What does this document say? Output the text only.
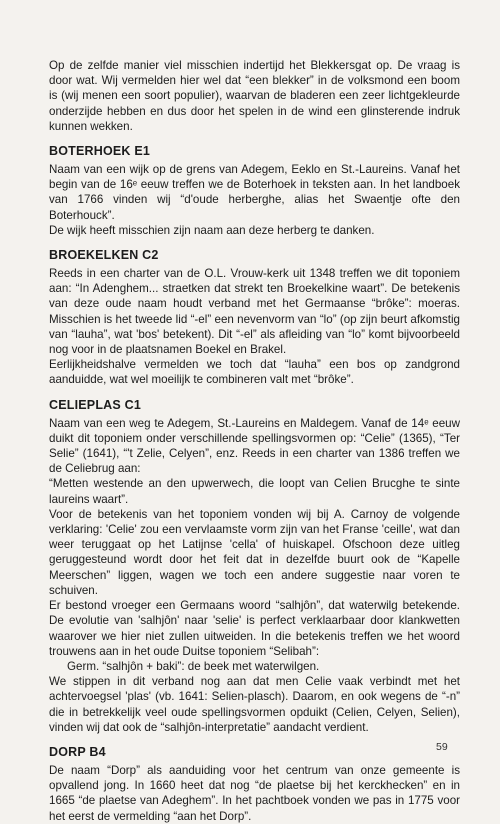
Op de zelfde manier viel misschien indertijd het Blekkersgat op. De vraag is door wat. Wij vermelden hier wel dat “een blekker” in de volksmond een boom is (wij menen een soort populier), waarvan de bladeren een zeer lichtgekleurde onderzijde hebben en dus door het spelen in de wind een glinsterende indruk kunnen wekken.

BOTERHOEK E1

Naam van een wijk op de grens van Adegem, Eeklo en St.-Laureins. Vanaf het begin van de 16ᵉ eeuw treffen we de Boterhoek in teksten aan. In het landboek van 1766 vinden wij “d'oude herberghe, alias het Swaentje ofte den Boterhouck”.

De wijk heeft misschien zijn naam aan deze herberg te danken.

BROEKELKEN C2

Reeds in een charter van de O.L. Vrouw-kerk uit 1348 treffen we dit toponiem aan: “In Adenghem... straetken dat strekt ten Broekelkine waart”. De betekenis van deze oude naam houdt verband met het Germaanse “brôke”: moeras. Misschien is het tweede lid “-el” een nevenvorm van “lo” (op zijn beurt afkomstig van “lauha”, wat 'bos' betekent). Dit “-el” als afleiding van “lo” komt bijvoorbeeld nog voor in de plaatsnamen Boekel en Brakel.

Eerlijkheidshalve vermelden we toch dat “lauha” een bos op zandgrond aanduidde, wat wel moeilijk te combineren valt met “brôke”.

CELIEPLAS C1

Naam van een weg te Adegem, St.-Laureins en Maldegem. Vanaf de 14ᵉ eeuw duikt dit toponiem onder verschillende spellingsvormen op: “Celie” (1365), “Ter Selie” (1641), “'t Zelie, Celyen”, enz. Reeds in een charter van 1386 treffen we de Celiebrug aan:

“Metten westende an den upwerwech, die loopt van Celien Brucghe te sinte laureins waart”.

Voor de betekenis van het toponiem vonden wij bij A. Carnoy de volgende verklaring: 'Celie' zou een vervlaamste vorm zijn van het Franse 'ceille', wat dan weer teruggaat op het Latijnse 'cella' of huiskapel. Ofschoon deze uitleg geruggesteund wordt door het feit dat in dezelfde buurt ook de “Kapelle Meerschen” liggen, wagen we toch een andere suggestie naar voren te schuiven.

Er bestond vroeger een Germaans woord “salhjôn”, dat waterwilg betekende. De evolutie van 'salhjôn' naar 'selie' is perfect verklaarbaar door klankwetten waarover we hier niet zullen uitweiden. In die betekenis treffen we het woord trouwens aan in het oude Duitse toponiem “Selibah”:

Germ. “salhjôn + baki”: de beek met waterwilgen.

We stippen in dit verband nog aan dat men Celie vaak verbindt met het achtervoegsel 'plas' (vb. 1641: Selien-plasch). Daarom, en ook wegens de “-n” die in betrekkelijk veel oude spellingsvormen opduikt (Celien, Celyen, Selien), vinden wij dat ook de “salhjôn-interpretatie” aandacht verdient.

DORP B4

De naam “Dorp” als aanduiding voor het centrum van onze gemeente is opvallend jong. In 1660 heet dat nog “de plaetse bij het kerckhecken” en in 1665 “de plaetse van Adeghem”. In het pachtboek vonden we pas in 1775 voor het eerst de vermelding “aan het Dorp”.

59
